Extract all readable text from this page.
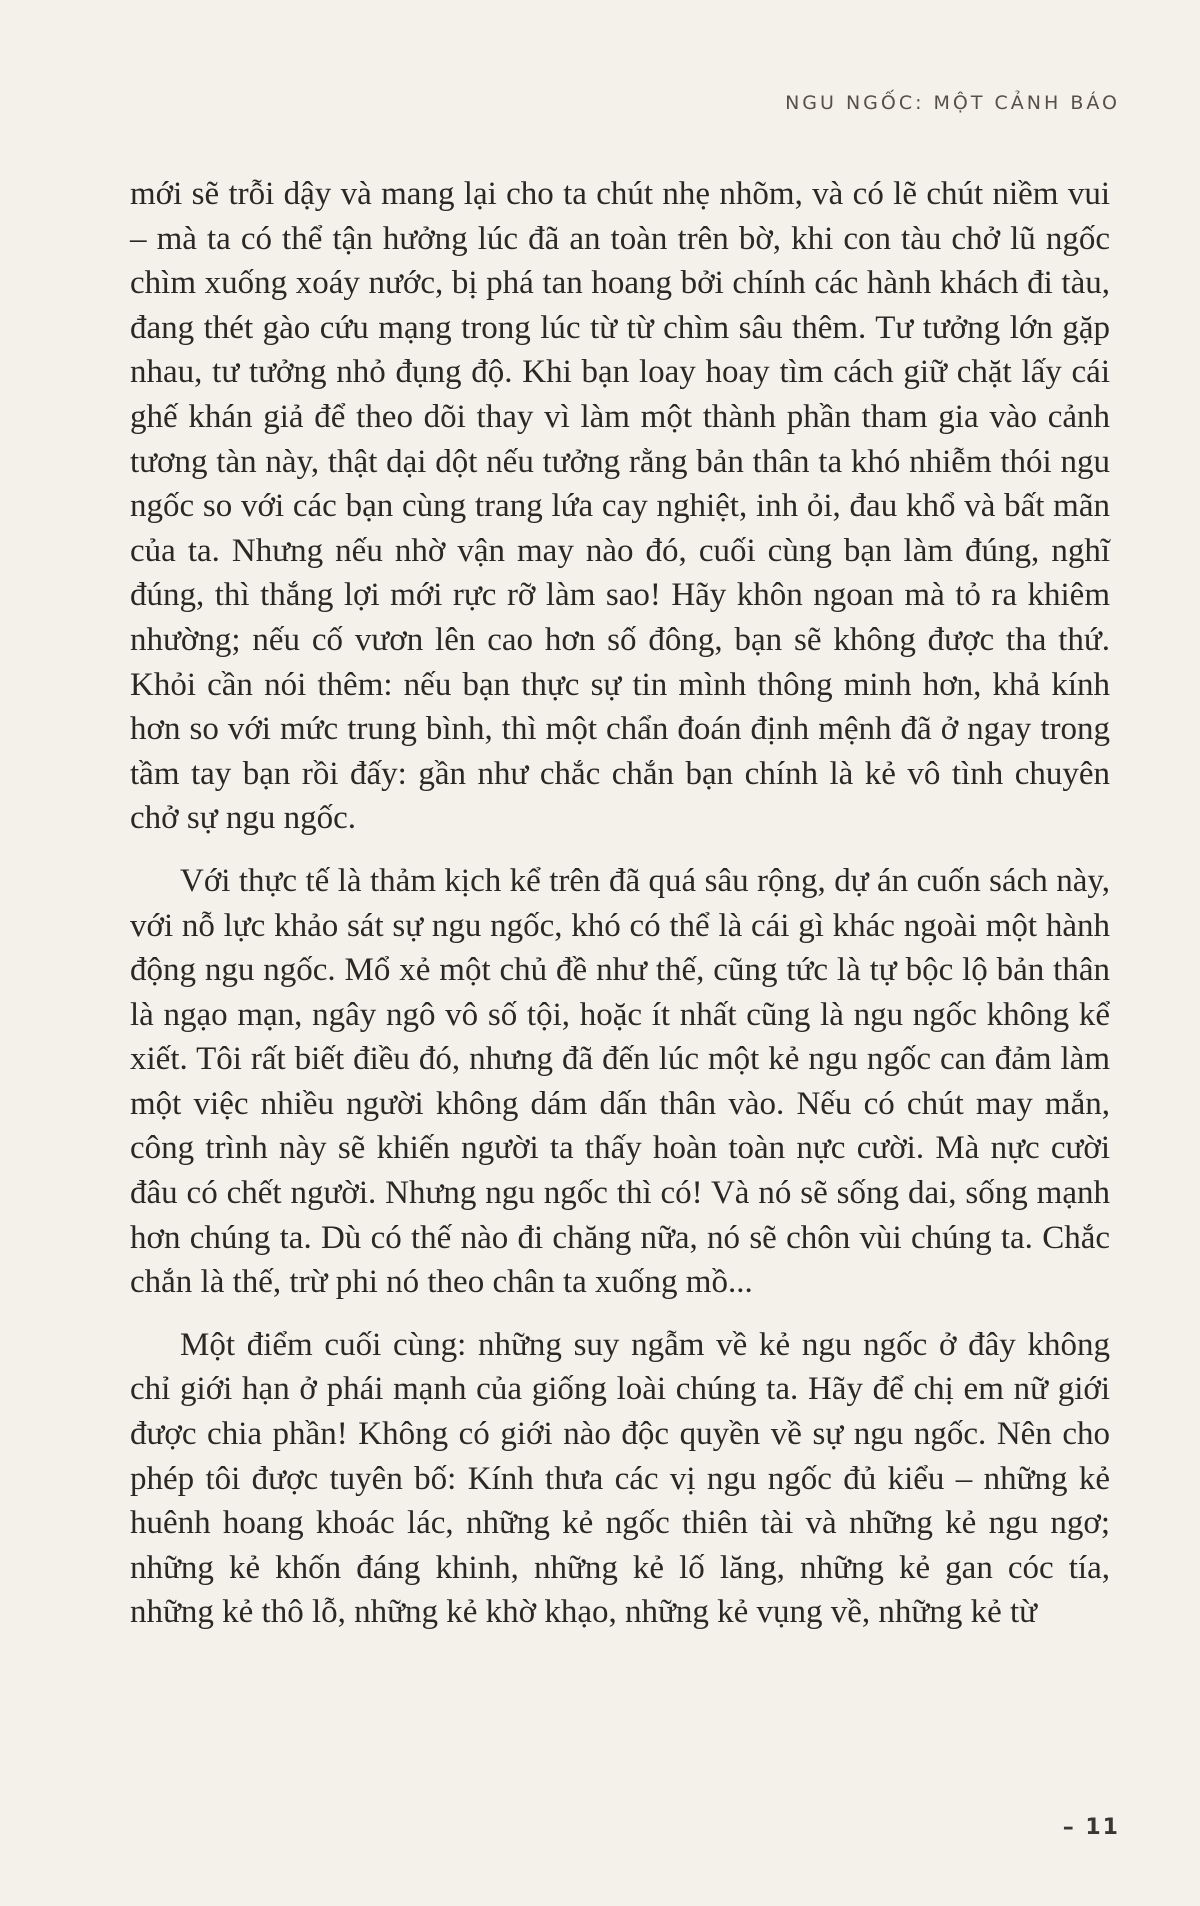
NGU NGỐC: MỘT CẢNH BÁO

mới sẽ trỗi dậy và mang lại cho ta chút nhẹ nhõm, và có lẽ chút niềm vui – mà ta có thể tận hưởng lúc đã an toàn trên bờ, khi con tàu chở lũ ngốc chìm xuống xoáy nước, bị phá tan hoang bởi chính các hành khách đi tàu, đang thét gào cứu mạng trong lúc từ từ chìm sâu thêm. Tư tưởng lớn gặp nhau, tư tưởng nhỏ đụng độ. Khi bạn loay hoay tìm cách giữ chặt lấy cái ghế khán giả để theo dõi thay vì làm một thành phần tham gia vào cảnh tương tàn này, thật dại dột nếu tưởng rằng bản thân ta khó nhiễm thói ngu ngốc so với các bạn cùng trang lứa cay nghiệt, inh ỏi, đau khổ và bất mãn của ta. Nhưng nếu nhờ vận may nào đó, cuối cùng bạn làm đúng, nghĩ đúng, thì thắng lợi mới rực rỡ làm sao! Hãy khôn ngoan mà tỏ ra khiêm nhường; nếu cố vươn lên cao hơn số đông, bạn sẽ không được tha thứ. Khỏi cần nói thêm: nếu bạn thực sự tin mình thông minh hơn, khả kính hơn so với mức trung bình, thì một chẩn đoán định mệnh đã ở ngay trong tầm tay bạn rồi đấy: gần như chắc chắn bạn chính là kẻ vô tình chuyên chở sự ngu ngốc.

Với thực tế là thảm kịch kể trên đã quá sâu rộng, dự án cuốn sách này, với nỗ lực khảo sát sự ngu ngốc, khó có thể là cái gì khác ngoài một hành động ngu ngốc. Mổ xẻ một chủ đề như thế, cũng tức là tự bộc lộ bản thân là ngạo mạn, ngây ngô vô số tội, hoặc ít nhất cũng là ngu ngốc không kể xiết. Tôi rất biết điều đó, nhưng đã đến lúc một kẻ ngu ngốc can đảm làm một việc nhiều người không dám dấn thân vào. Nếu có chút may mắn, công trình này sẽ khiến người ta thấy hoàn toàn nực cười. Mà nực cười đâu có chết người. Nhưng ngu ngốc thì có! Và nó sẽ sống dai, sống mạnh hơn chúng ta. Dù có thế nào đi chăng nữa, nó sẽ chôn vùi chúng ta. Chắc chắn là thế, trừ phi nó theo chân ta xuống mồ...

Một điểm cuối cùng: những suy ngẫm về kẻ ngu ngốc ở đây không chỉ giới hạn ở phái mạnh của giống loài chúng ta. Hãy để chị em nữ giới được chia phần! Không có giới nào độc quyền về sự ngu ngốc. Nên cho phép tôi được tuyên bố: Kính thưa các vị ngu ngốc đủ kiểu – những kẻ huênh hoang khoác lác, những kẻ ngốc thiên tài và những kẻ ngu ngơ; những kẻ khốn đáng khinh, những kẻ lố lăng, những kẻ gan cóc tía, những kẻ thô lỗ, những kẻ khờ khạo, những kẻ vụng về, những kẻ từ

– 11
